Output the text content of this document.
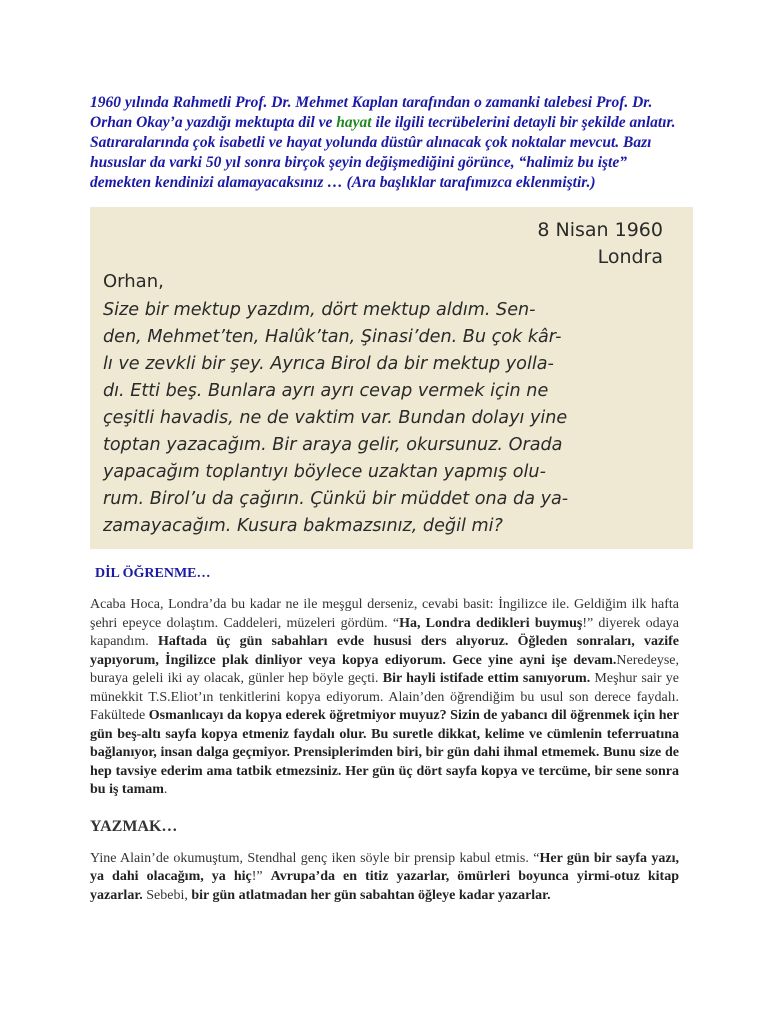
1960 yılında Rahmetli Prof. Dr. Mehmet Kaplan tarafından o zamanki talebesi Prof. Dr. Orhan Okay’a yazdığı mektupta dil ve hayat ile ilgili tecrübelerini detayli bir şekilde anlatır. Satıraralarında çok isabetli ve hayat yolunda düstûr alınacak çok noktalar mevcut. Bazı hususlar da varki 50 yıl sonra birçok şeyin değişmediğini görünce, “halimiz bu işte” demekten kendinizi alamayacaksınız … (Ara başlıklar tarafımızca eklenmiştir.)
8 Nisan 1960
Londra
Orhan,
Size bir mektup yazdım, dört mektup aldım. Sen-
den, Mehmet’ten, Halûk’tan, Şinasi’den. Bu çok kâr-
lı ve zevkli bir şey. Ayrıca Birol da bir mektup yolla-
dı. Etti beş. Bunlara ayrı ayrı cevap vermek için ne
çeşitli havadis, ne de vaktim var. Bundan dolayı yine
toptan yazacağım. Bir araya gelir, okursunuz. Orada
yapacağım toplantıyı böylece uzaktan yapmış olu-
rum. Birol’u da çağırın. Çünkü bir müddet ona da ya-
zamayacağım. Kusura bakmazsınız, değil mi?
DİL ÖĞRENME…
Acaba Hoca, Londra’da bu kadar ne ile meşgul derseniz, cevabi basit: İngilizce ile. Geldiğim ilk hafta şehri epeyce dolaştım. Caddeleri, müzeleri gördüm. “Ha, Londra dedikleri buymuş!” diyerek odaya kapandım. Haftada üç gün sabahları evde hususi ders alıyoruz. Öğleden sonraları, vazife yapıyorum, İngilizce plak dinliyor veya kopya ediyorum. Gece yine ayni işe devam.Neredeyse, buraya geleli iki ay olacak, günler hep böyle geçti. Bir hayli istifade ettim sanıyorum. Meşhur sair ye münekkit T.S.Eliot’ın tenkitlerini kopya ediyorum. Alain’den öğrendiğim bu usul son derece faydalı. Fakültede Osmanlıcayı da kopya ederek öğretmiyor muyuz? Sizin de yabancı dil öğrenmek için her gün beş-altı sayfa kopya etmeniz faydalı olur. Bu suretle dikkat, kelime ve cümlenin teferruatına bağlanıyor, insan dalga geçmiyor. Prensiplerimden biri, bir gün dahi ihmal etmemek. Bunu size de hep tavsiye ederim ama tatbik etmezsiniz. Her gün üç dört sayfa kopya ve tercüme, bir sene sonra bu iş tamam.
YAZMAK…
Yine Alain’de okumuştum, Stendhal genç iken söyle bir prensip kabul etmis. “Her gün bir sayfa yazı, ya dahi olacağım, ya hiç!” Avrupa’da en titiz yazarlar, ömürleri boyunca yirmi-otuz kitap yazarlar. Sebebi, bir gün atlatmadan her gün sabahtan öğleye kadar yazarlar.
